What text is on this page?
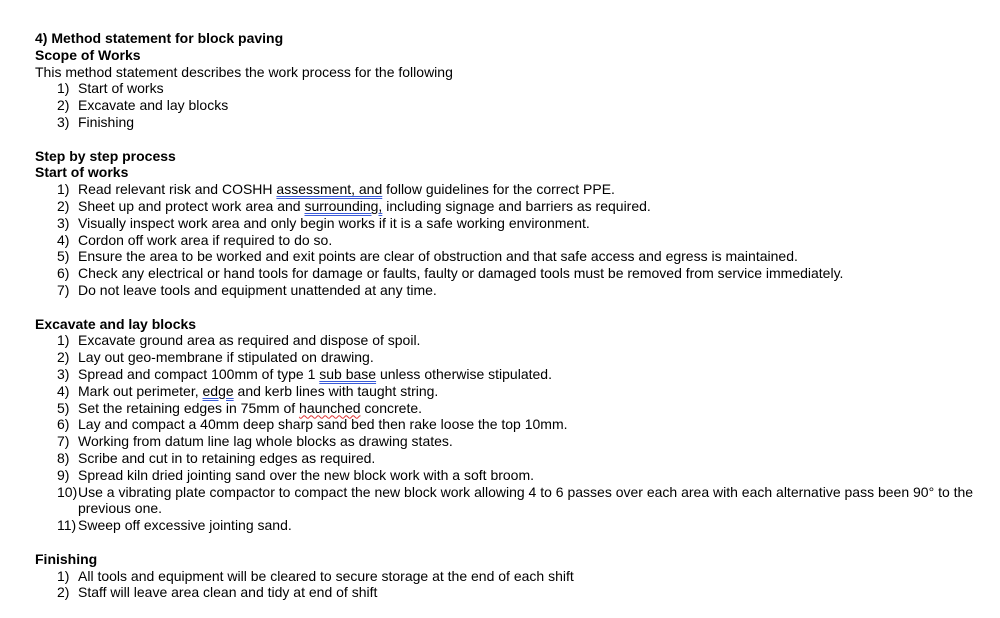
4) Method statement for block paving
Scope of Works
This method statement describes the work process for the following
1) Start of works
2) Excavate and lay blocks
3) Finishing
Step by step process
Start of works
1) Read relevant risk and COSHH assessment, and follow guidelines for the correct PPE.
2) Sheet up and protect work area and surrounding, including signage and barriers as required.
3) Visually inspect work area and only begin works if it is a safe working environment.
4) Cordon off work area if required to do so.
5) Ensure the area to be worked and exit points are clear of obstruction and that safe access and egress is maintained.
6) Check any electrical or hand tools for damage or faults, faulty or damaged tools must be removed from service immediately.
7) Do not leave tools and equipment unattended at any time.
Excavate and lay blocks
1) Excavate ground area as required and dispose of spoil.
2) Lay out geo-membrane if stipulated on drawing.
3) Spread and compact 100mm of type 1 sub base unless otherwise stipulated.
4) Mark out perimeter, edge and kerb lines with taught string.
5) Set the retaining edges in 75mm of haunched concrete.
6) Lay and compact a 40mm deep sharp sand bed then rake loose the top 10mm.
7) Working from datum line lag whole blocks as drawing states.
8) Scribe and cut in to retaining edges as required.
9) Spread kiln dried jointing sand over the new block work with a soft broom.
10) Use a vibrating plate compactor to compact the new block work allowing 4 to 6 passes over each area with each alternative pass been 90° to the previous one.
11) Sweep off excessive jointing sand.
Finishing
1) All tools and equipment will be cleared to secure storage at the end of each shift
2) Staff will leave area clean and tidy at end of shift
